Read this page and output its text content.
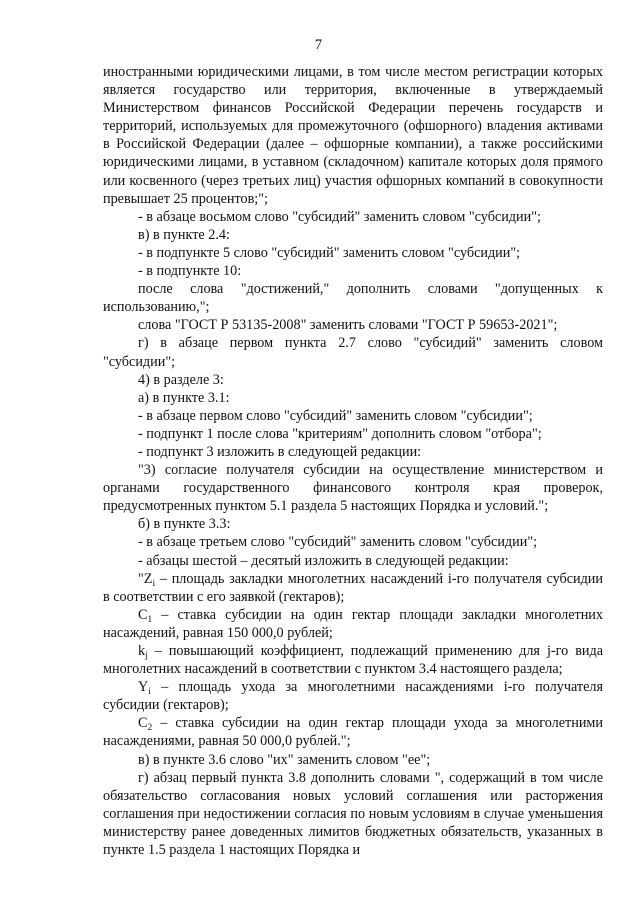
7

иностранными юридическими лицами, в том числе местом регистрации которых является государство или территория, включенные в утверждаемый Министерством финансов Российской Федерации перечень государств и территорий, используемых для промежуточного (офшорного) владения активами в Российской Федерации (далее – офшорные компании), а также российскими юридическими лицами, в уставном (складочном) капитале которых доля прямого или косвенного (через третьих лиц) участия офшорных компаний в совокупности превышает 25 процентов;";

- в абзаце восьмом слово "субсидий" заменить словом "субсидии";

в) в пункте 2.4:

- в подпункте 5 слово "субсидий" заменить словом "субсидии";

- в подпункте 10:

после слова "достижений," дополнить словами "допущенных к использованию,";

слова "ГОСТ Р 53135-2008" заменить словами "ГОСТ Р 59653-2021";

г) в абзаце первом пункта 2.7 слово "субсидий" заменить словом "субсидии";

4) в разделе 3:

а) в пункте 3.1:

- в абзаце первом слово "субсидий" заменить словом "субсидии";

- подпункт 1 после слова "критериям" дополнить словом "отбора";

- подпункт 3 изложить в следующей редакции:

"3) согласие получателя субсидии на осуществление министерством и органами государственного финансового контроля края проверок, предусмотренных пунктом 5.1 раздела 5 настоящих Порядка и условий.";

б) в пункте 3.3:

- в абзаце третьем слово "субсидий" заменить словом "субсидии";

- абзацы шестой – десятый изложить в следующей редакции:

"$Z_i$ – площадь закладки многолетних насаждений i-го получателя субсидии в соответствии с его заявкой (гектаров);

$C_1$ – ставка субсидии на один гектар площади закладки многолетних насаждений, равная 150 000,0 рублей;

$k_j$ – повышающий коэффициент, подлежащий применению для j-го вида многолетних насаждений в соответствии с пунктом 3.4 настоящего раздела;

$Y_i$ – площадь ухода за многолетними насаждениями i-го получателя субсидии (гектаров);

$C_2$ – ставка субсидии на один гектар площади ухода за многолетними насаждениями, равная 50 000,0 рублей.";

в) в пункте 3.6 слово "их" заменить словом "ее";

г) абзац первый пункта 3.8 дополнить словами ", содержащий в том числе обязательство согласования новых условий соглашения или расторжения соглашения при недостижении согласия по новым условиям в случае уменьшения министерству ранее доведенных лимитов бюджетных обязательств, указанных в пункте 1.5 раздела 1 настоящих Порядка и
